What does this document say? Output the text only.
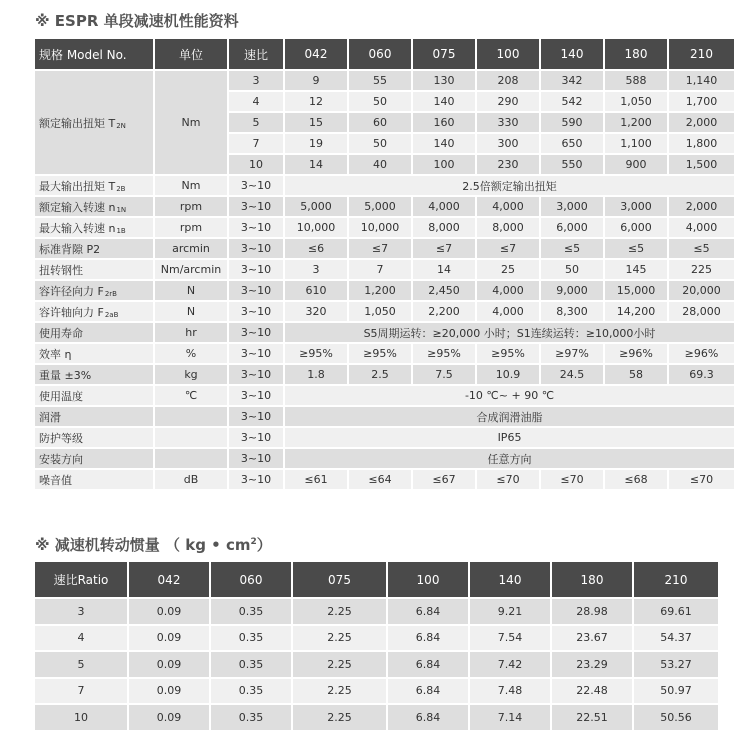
※ ESPR 单段减速机性能资料
规格 Model No.	单位	速比	042	060	075	100	140	180	210
额定输出扭矩 T2N	Nm	3	9	55	130	208	342	588	1,140
		4	12	50	140	290	542	1,050	1,700
		5	15	60	160	330	590	1,200	2,000
		7	19	50	140	300	650	1,100	1,800
		10	14	40	100	230	550	900	1,500
最大输出扭矩 T2B	Nm	3~10	2.5倍额定输出扭矩						
额定输入转速 n1N	rpm	3~10	5,000	5,000	4,000	4,000	3,000	3,000	2,000
最大输入转速 n1B	rpm	3~10	10,000	10,000	8,000	8,000	6,000	6,000	4,000
标准背隙 P2	arcmin	3~10	≤6	≤7	≤7	≤7	≤5	≤5	≤5
扭转钢性	Nm/arcmin	3~10	3	7	14	25	50	145	225
容许径向力 F2rB	N	3~10	610	1,200	2,450	4,000	9,000	15,000	20,000
容许轴向力 F2aB	N	3~10	320	1,050	2,200	4,000	8,300	14,200	28,000
使用寿命	hr	3~10	S5周期运转：≥20,000 小时；S1连续运转：≥10,000小时						
效率 η	%	3~10	≥95%	≥95%	≥95%	≥95%	≥97%	≥96%	≥96%
重量 ±3%	kg	3~10	1.8	2.5	7.5	10.9	24.5	58	69.3
使用温度	℃	3~10	-10 ℃~ + 90 ℃						
润滑		3~10	合成润滑油脂						
防护等级		3~10	IP65						
安装方向		3~10	任意方向						
噪音值	dB	3~10	≤61	≤64	≤67	≤70	≤70	≤68	≤70
※ 减速机转动惯量 （ kg • $cm^2$）
速比Ratio	042	060	075	100	140	180	210
3	0.09	0.35	2.25	6.84	9.21	28.98	69.61
4	0.09	0.35	2.25	6.84	7.54	23.67	54.37
5	0.09	0.35	2.25	6.84	7.42	23.29	53.27
7	0.09	0.35	2.25	6.84	7.48	22.48	50.97
10	0.09	0.35	2.25	6.84	7.14	22.51	50.56
